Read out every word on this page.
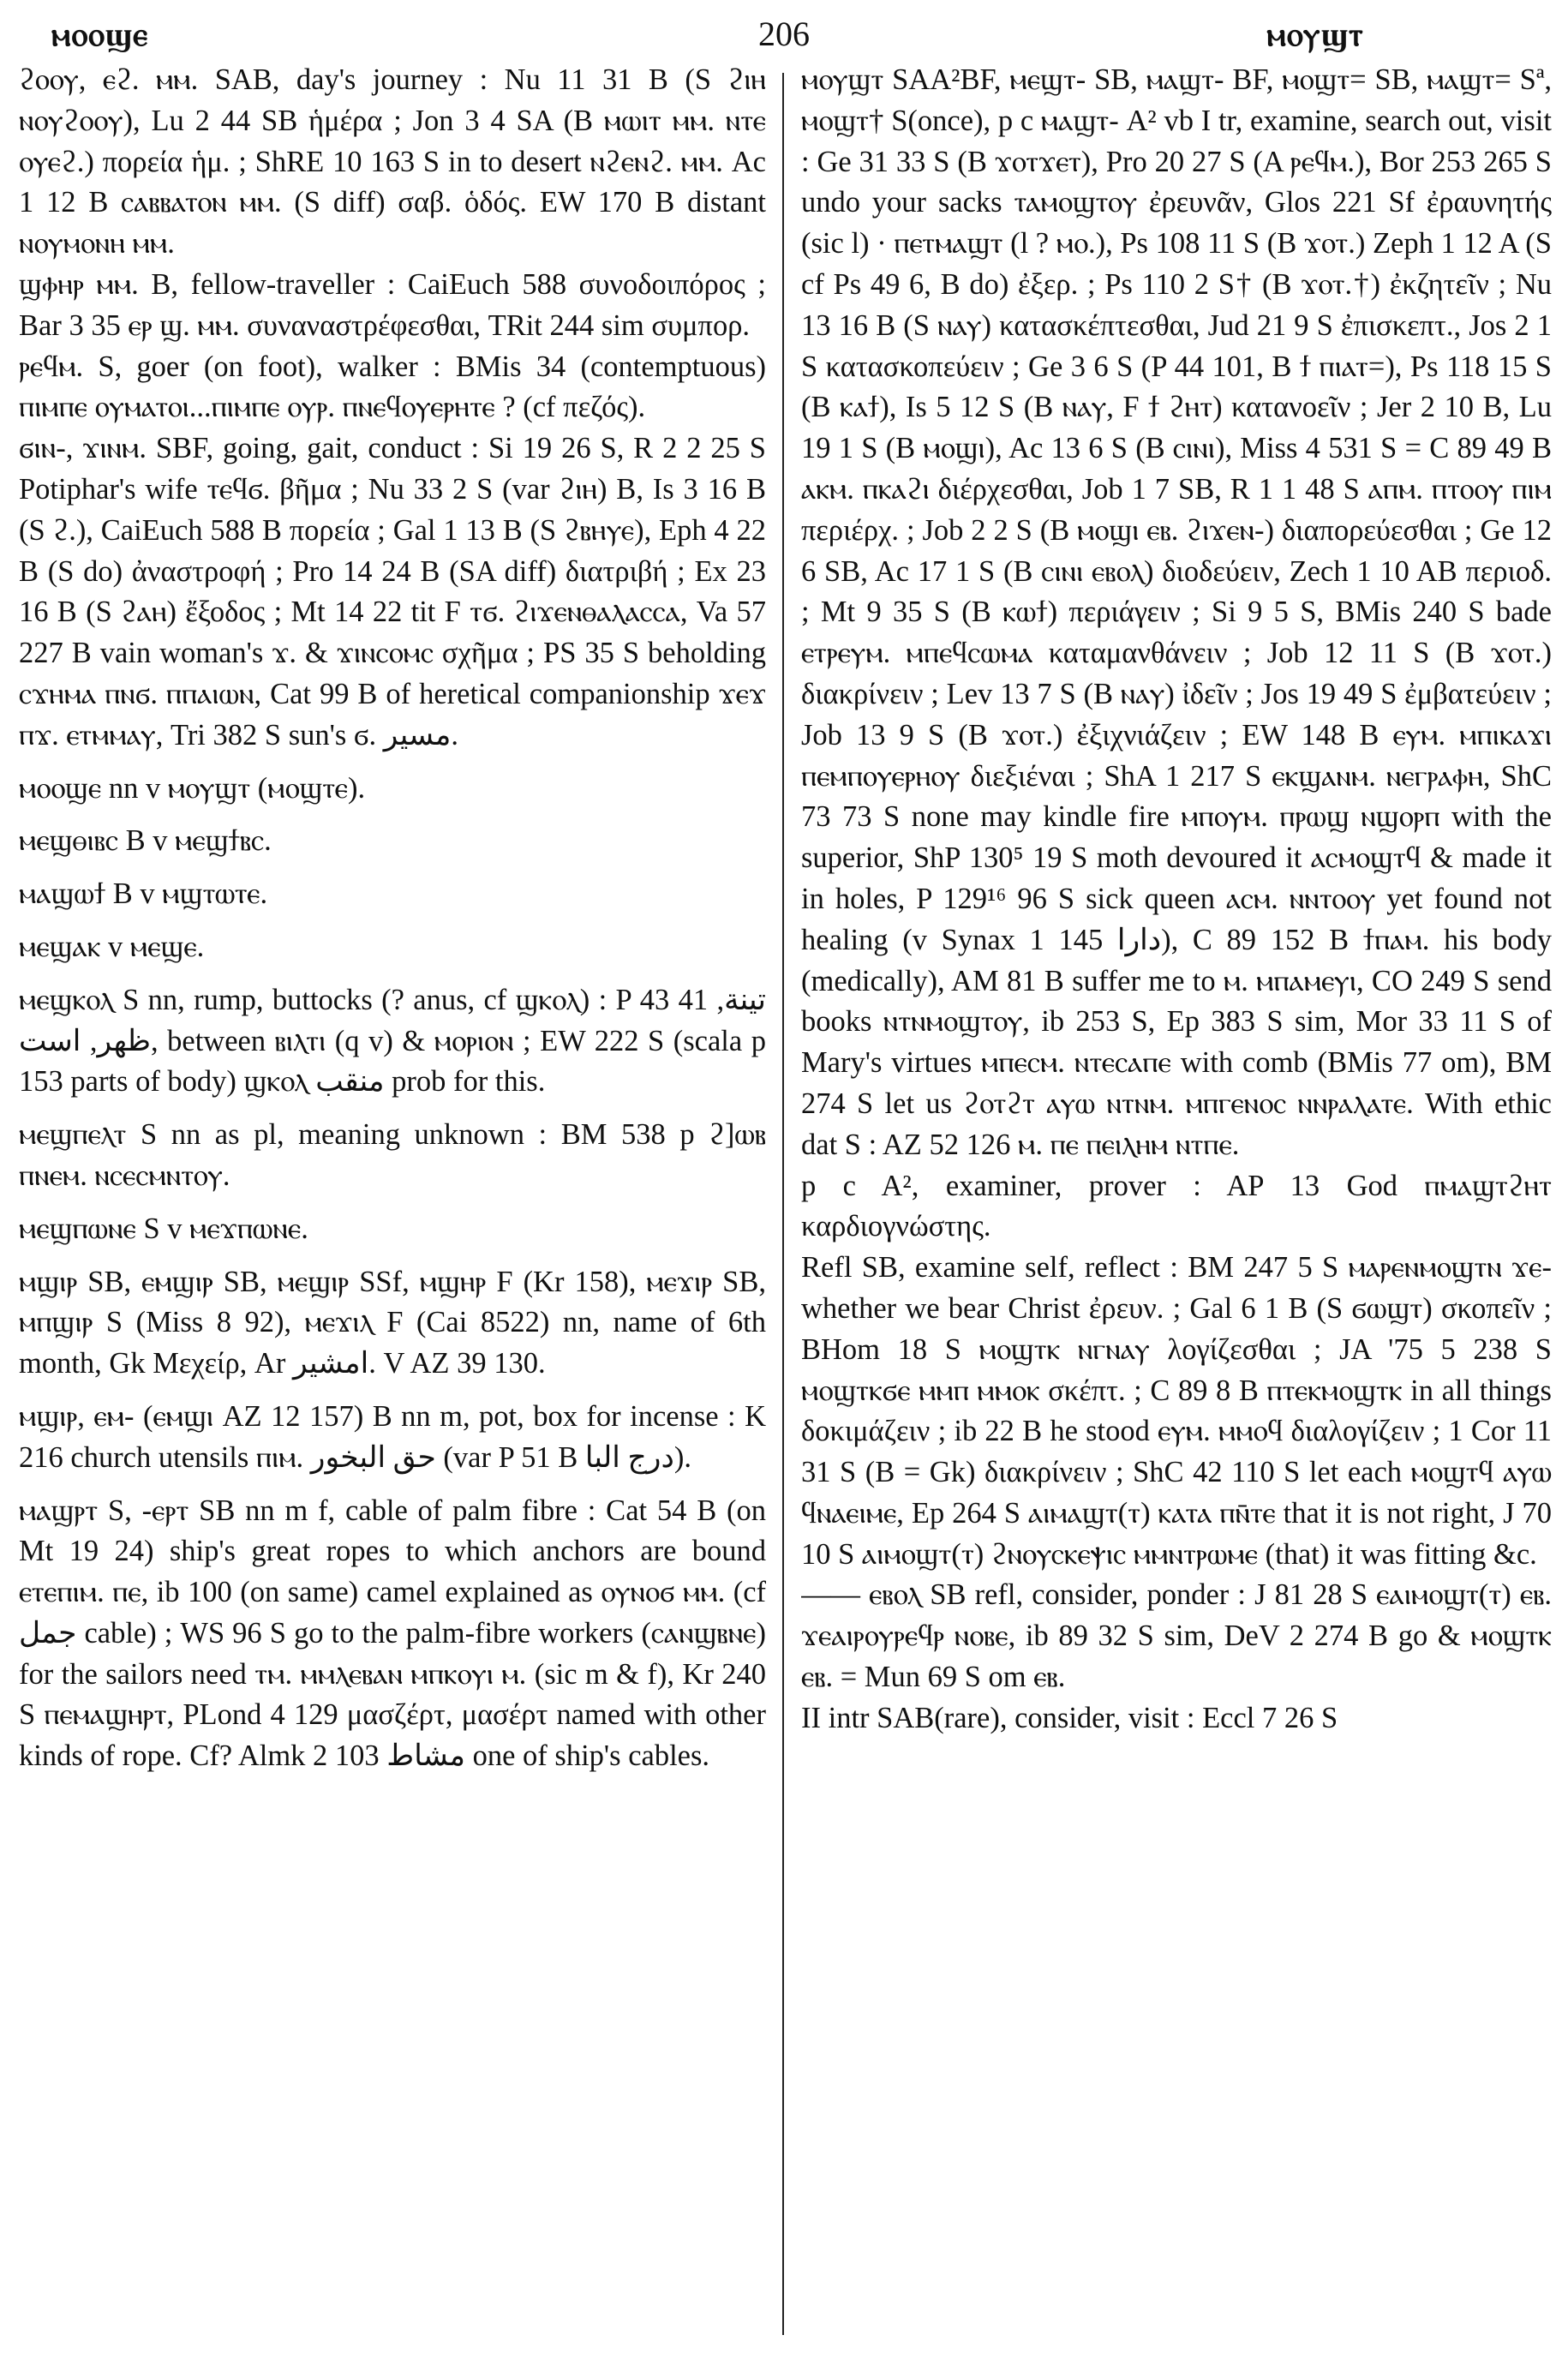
ⲙⲟⲟϣⲉ	206	ⲙⲟⲩϣⲧ

ϩⲟⲟⲩ, ⲉϩ. ⲙⲙ. SAB, day's journey : Nu 11 31 B (S ϩⲓⲏ ⲛⲟⲩϩⲟⲟⲩ), Lu 2 44 SB ἡμέρα ; Jon 3 4 SA (B ⲙⲱⲓⲧ ⲙⲙ. ⲛⲧⲉ ⲟⲩⲉϩ.) πορεία ἡμ. ; ShRE 10 163 S in to desert ⲛϩⲉⲛϩ. ⲙⲙ. Ac 1 12 B ⲥⲁⲃⲃⲁⲧⲟⲛ ⲙⲙ. (S diff) σαβ. ὁδός. EW 170 B distant ⲛⲟⲩⲙⲟⲛⲏ ⲙⲙ.

ϣⲫⲏⲣ ⲙⲙ. B, fellow-traveller : CaiEuch 588 συνοδοιπόρος ; Bar 3 35 ⲉⲣ ϣ. ⲙⲙ. συναναστρέφεσθαι, TRit 244 sim συμπορ.

ⲣⲉϥⲙ. S, goer (on foot), walker : BMis 34 (contemptuous) ⲡⲓⲙⲡⲉ ⲟⲩⲙⲁⲧⲟⲓ...ⲡⲓⲙⲡⲉ ⲟⲩⲣ. ⲡⲛⲉϥⲟⲩⲉⲣⲏⲧⲉ ? (cf πεζός).

ϭⲓⲛ-, ϫⲓⲛⲙ. SBF, going, gait, conduct : Si 19 26 S, R 2 2 25 S Potiphar's wife ⲧⲉϥϭ. βῆμα ; Nu 33 2 S (var ϩⲓⲏ) B, Is 3 16 B (S ϩ.), CaiEuch 588 B πορεία ; Gal 1 13 B (S ϩⲃⲏⲩⲉ), Eph 4 22 B (S do) ἀναστροφή ; Pro 14 24 B (SA diff) διατριβή ; Ex 23 16 B (S ϩⲁⲏ) ἔξοδος ; Mt 14 22 tit F ⲧϭ. ϩⲓϫⲉⲛⲑⲁⲗⲁⲥⲥⲁ, Va 57 227 B vain woman's ϫ. & ϫⲓⲛⲥⲟⲙⲥ σχῆμα ; PS 35 S beholding ⲥϫⲏⲙⲁ ⲡⲛϭ. ⲡⲡⲁⲓⲱⲛ, Cat 99 B of heretical companionship ϫⲉϫ ⲡϫ. ⲉⲧⲙⲙⲁⲩ, Tri 382 S sun's ϭ. مسير.

ⲙⲟⲟϣⲉ nn v ⲙⲟⲩϣⲧ (ⲙⲟϣⲧⲉ).

ⲙⲉϣⲑⲓⲃⲥ B v ⲙⲉϣϯⲃⲥ.

ⲙⲁϣⲱϯ B v ⲙϣⲧⲱⲧⲉ.

ⲙⲉϣⲁⲕ v ⲙⲉϣⲉ.

ⲙⲉϣⲕⲟⲗ S nn, rump, buttocks (? anus, cf ϣⲕⲟⲗ) : P 43 41 تينة, ظهر, است, between ⲃⲓⲗⲧⲓ (q v) & ⲙⲟⲣⲓⲟⲛ ; EW 222 S (scala p 153 parts of body) ϣⲕⲟⲗ منقب prob for this.

ⲙⲉϣⲡⲉⲗⲧ S nn as pl, meaning unknown : BM 538 p ϩ]ⲱⲃ ⲡⲛⲉⲙ. ⲛⲥⲉⲥⲙⲛⲧⲟⲩ.

ⲙⲉϣⲡⲱⲛⲉ S v ⲙⲉϫⲡⲱⲛⲉ.

ⲙϣⲓⲣ SB, ⲉⲙϣⲓⲣ SB, ⲙⲉϣⲓⲣ SSf, ⲙϣⲏⲣ F (Kr 158), ⲙⲉϫⲓⲣ SB, ⲙⲡϣⲓⲣ S (Miss 8 92), ⲙⲉϫⲓⲗ F (Cai 8522) nn, name of 6th month, Gk Μεχείρ, Ar امشير. V AZ 39 130.

ⲙϣⲓⲣ, ⲉⲙ- (ⲉⲙϣⲓ AZ 12 157) B nn m, pot, box for incense : K 216 church utensils ⲡⲓⲙ. حق البخور (var P 51 B درج البا).

ⲙⲁϣⲣⲧ S, -ⲉⲣⲧ SB nn m f, cable of palm fibre : Cat 54 B (on Mt 19 24) ship's great ropes to which anchors are bound ⲉⲧⲉⲡⲓⲙ. ⲡⲉ, ib 100 (on same) camel explained as ⲟⲩⲛⲟϭ ⲙⲙ. (cf جمل cable) ; WS 96 S go to the palm-fibre workers (ⲥⲁⲛϣⲃⲛⲉ) for the sailors need ⲧⲙ. ⲙⲙⲗⲉⲃⲁⲛ ⲙⲡⲕⲟⲩⲓ ⲙ. (sic m & f), Kr 240 S ⲡⲉⲙⲁϣⲏⲣⲧ, PLond 4 129 μασζέρτ, μασέρτ named with other kinds of rope. Cf? Almk 2 103 مشاط one of ship's cables.

ⲙⲟⲩϣⲧ SAA²BF, ⲙⲉϣⲧ- SB, ⲙⲁϣⲧ- BF, ⲙⲟϣⲧ= SB, ⲙⲁϣⲧ= Sª, ⲙⲟϣⲧ† S(once), p c ⲙⲁϣⲧ- A² vb I tr, examine, search out, visit : Ge 31 33 S (B ϫⲟⲧϫⲉⲧ), Pro 20 27 S (A ⲣⲉϥⲙ.), Bor 253 265 S undo your sacks ⲧⲁⲙⲟϣⲧⲟⲩ ἐρευνᾶν, Glos 221 Sf ἐραυνητής (sic l) · ⲡⲉⲧⲙⲁϣⲧ (l ? ⲙⲟ.), Ps 108 11 S (B ϫⲟⲧ.) Zeph 1 12 A (S cf Ps 49 6, B do) ἐξερ. ; Ps 110 2 S† (B ϫⲟⲧ.†) ἐκζητεῖν ; Nu 13 16 B (S ⲛⲁⲩ) κατασκέπτεσθαι, Jud 21 9 S ἐπισκεπτ., Jos 2 1 S κατασκοπεύειν ; Ge 3 6 S (P 44 101, B ϯ ⲡⲓⲁⲧ=), Ps 118 15 S (B ⲕⲁϯ), Is 5 12 S (B ⲛⲁⲩ, F ϯ ϩⲏⲧ) κατανοεῖν ; Jer 2 10 B, Lu 19 1 S (B ⲙⲟϣⲓ), Ac 13 6 S (B ⲥⲓⲛⲓ), Miss 4 531 S = C 89 49 B ⲁⲕⲙ. ⲡⲕⲁϩⲓ διέρχεσθαι, Job 1 7 SB, R 1 1 48 S ⲁⲡⲙ. ⲡⲧⲟⲟⲩ ⲡⲓⲙ περιέρχ. ; Job 2 2 S (B ⲙⲟϣⲓ ⲉⲃ. ϩⲓϫⲉⲛ-) διαπορεύεσθαι ; Ge 12 6 SB, Ac 17 1 S (B ⲥⲓⲛⲓ ⲉⲃⲟⲗ) διοδεύειν, Zech 1 10 AB περιοδ. ; Mt 9 35 S (B ⲕⲱϯ) περιάγειν ; Si 9 5 S, BMis 240 S bade ⲉⲧⲣⲉⲩⲙ. ⲙⲡⲉϥⲥⲱⲙⲁ καταμανθάνειν ; Job 12 11 S (B ϫⲟⲧ.) διακρίνειν ; Lev 13 7 S (B ⲛⲁⲩ) ἰδεῖν ; Jos 19 49 S ἐμβατεύειν ; Job 13 9 S (B ϫⲟⲧ.) ἐξιχνιάζειν ; EW 148 B ⲉⲩⲙ. ⲙⲡⲓⲕⲁϫⲓ ⲡⲉⲙⲡⲟⲩⲉⲣⲏⲟⲩ διεξιέναι ; ShA 1 217 S ⲉⲕϣⲁⲛⲙ. ⲛⲉⲅⲣⲁⲫⲏ, ShC 73 73 S none may kindle fire ⲙⲡⲟⲩⲙ. ⲡⲣⲱϣ ⲛϣⲟⲣⲡ with the superior, ShP 130⁵ 19 S moth devoured it ⲁⲥⲙⲟϣⲧϥ & made it in holes, P 129¹⁶ 96 S sick queen ⲁⲥⲙ. ⲛⲛⲧⲟⲟⲩ yet found not healing (v Synax 1 145 دارا), C 89 152 B ϯⲡⲁⲙ. his body (medically), AM 81 B suffer me to ⲙ. ⲙⲡⲁⲙⲉⲩⲓ, CO 249 S send books ⲛⲧⲛⲙⲟϣⲧⲟⲩ, ib 253 S, Ep 383 S sim, Mor 33 11 S of Mary's virtues ⲙⲡⲉⲥⲙ. ⲛⲧⲉⲥⲁⲡⲉ with comb (BMis 77 om), BM 274 S let us ϩⲟⲧϩⲧ ⲁⲩⲱ ⲛⲧⲛⲙ. ⲙⲡⲅⲉⲛⲟⲥ ⲛⲛⲣⲁⲗⲁⲧⲉ. With ethic dat S : AZ 52 126 ⲙ. ⲡⲉ ⲡⲉⲓⲗⲏⲙ ⲛⲧⲡⲉ.

p c A², examiner, prover : AP 13 God ⲡⲙⲁϣⲧϩⲏⲧ καρδιογνώστης.

Refl SB, examine self, reflect : BM 247 5 S ⲙⲁⲣⲉⲛⲙⲟϣⲧⲛ ϫⲉ- whether we bear Christ ἐρευν. ; Gal 6 1 B (S ϭⲱϣⲧ) σκοπεῖν ; BHom 18 S ⲙⲟϣⲧⲕ ⲛⲅⲛⲁⲩ λογίζεσθαι ; JA '75 5 238 S ⲙⲟϣⲧⲕϭⲉ ⲙⲙⲡ ⲙⲙⲟⲕ σκέπτ. ; C 89 8 B ⲡⲧⲉⲕⲙⲟϣⲧⲕ in all things δοκιμάζειν ; ib 22 B he stood ⲉⲩⲙ. ⲙⲙⲟϥ διαλογίζειν ; 1 Cor 11 31 S (B = Gk) διακρίνειν ; ShC 42 110 S let each ⲙⲟϣⲧϥ ⲁⲩⲱ ϥⲛⲁⲉⲓⲙⲉ, Ep 264 S ⲁⲓⲙⲁϣⲧ(ⲧ) ⲕⲁⲧⲁ ⲡⲛ̄ⲧⲉ that it is not right, J 70 10 S ⲁⲓⲙⲟϣⲧ(ⲧ) ϩⲛⲟⲩⲥⲕⲉⲯⲓⲥ ⲙⲙⲛⲧⲣⲱⲙⲉ (that) it was fitting &c.

—— ⲉⲃⲟⲗ SB refl, consider, ponder : J 81 28 S ⲉⲁⲓⲙⲟϣⲧ(ⲧ) ⲉⲃ. ϫⲉⲁⲓⲣⲟⲩⲣⲉϥⲣ ⲛⲟⲃⲉ, ib 89 32 S sim, DeV 2 274 B go & ⲙⲟϣⲧⲕ ⲉⲃ. = Mun 69 S om ⲉⲃ.

II intr SAB(rare), consider, visit : Eccl 7 26 S
